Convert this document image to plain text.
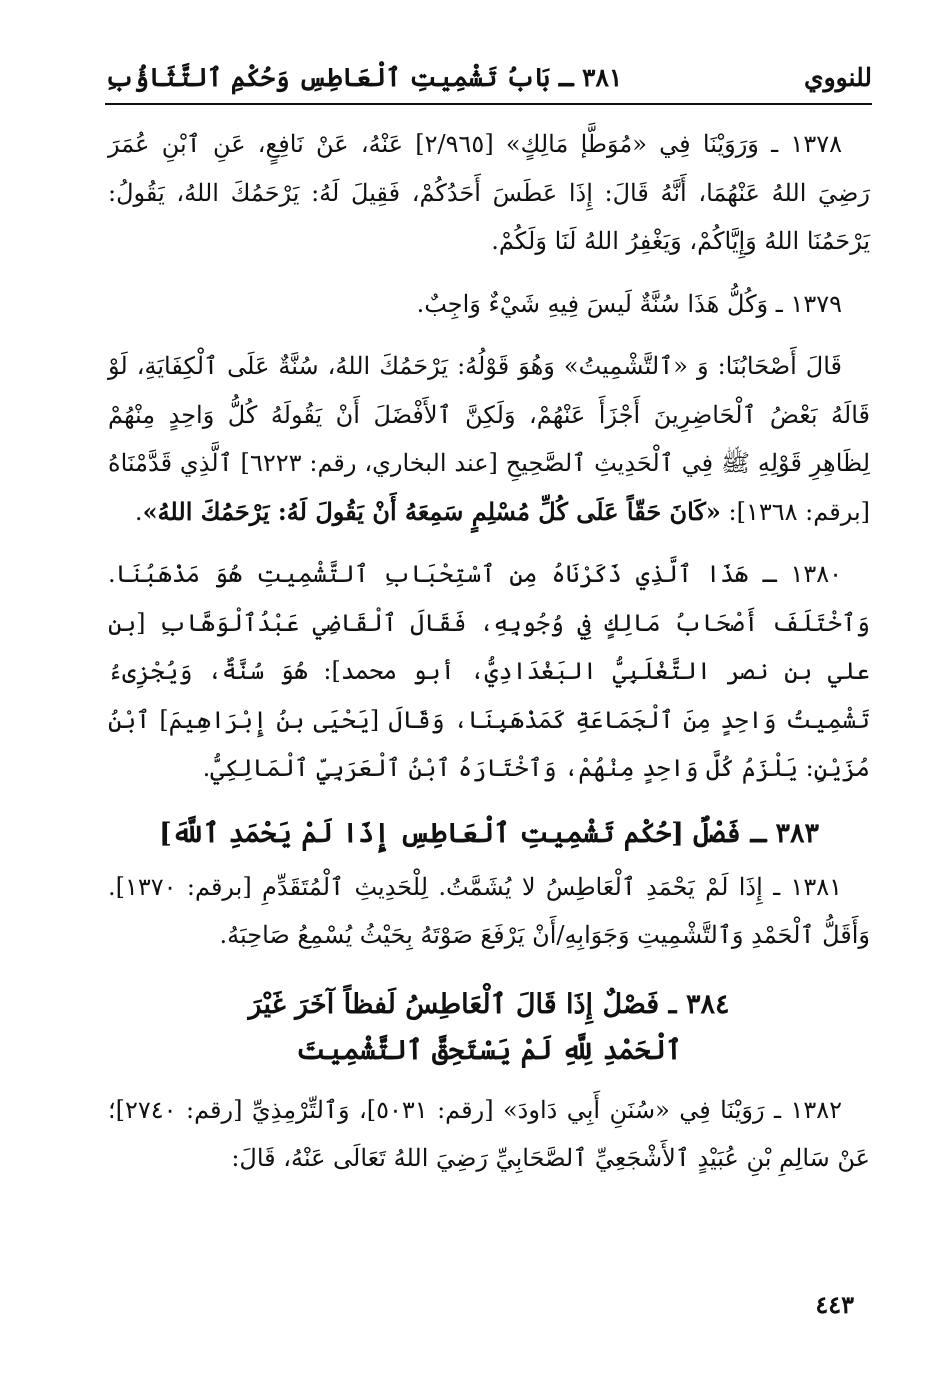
للنووي
٣٨١ ـ بَابُ تَشْمِيتِ ٱلْعَاطِسِ وَحُكْمِ ٱلتَّثَاؤُبِ

١٣٧٨ ـ وَرَوَيْنَا فِي «مُوَطَّإ مَالِكٍ» [٢/٩٦٥] عَنْهُ، عَنْ نَافِعٍ، عَنِ ٱبْنِ عُمَرَ رَضِيَ اللهُ عَنْهُمَا، أَنَّهُ قَالَ: إِذَا عَطَسَ أَحَدُكُمْ، فَقِيلَ لَهُ: يَرْحَمُكَ اللهُ، يَقُولُ: يَرْحَمُنَا اللهُ وَإِيَّاكُمْ، وَيَغْفِرُ اللهُ لَنَا وَلَكُمْ.

١٣٧٩ ـ وَكُلُّ هَذَا سُنَّةٌ لَيسَ فِيهِ شَيْءٌ وَاجِبٌ.

قَالَ أَصْحَابُنَا: وَ «ٱلتَّشْمِيتُ» وَهُوَ قَوْلُهُ: يَرْحَمُكَ اللهُ، سُنَّةٌ عَلَى ٱلْكِفَايَةِ، لَوْ قَالَهُ بَعْضُ ٱلْحَاضِرِينَ أَجْزَأَ عَنْهُمْ، وَلَكِنَّ ٱلأَفْضَلَ أَنْ يَقُولَهُ كُلُّ وَاحِدٍ مِنْهُمْ لِظَاهِرِ قَوْلِهِ ﷺ فِي ٱلْحَدِيثِ ٱلصَّحِيحِ [عند البخاري، رقم: ٦٢٢٣] ٱلَّذِي قَدَّمْنَاهُ [برقم: ١٣٦٨]: «كَانَ حَقّاً عَلَى كُلِّ مُسْلِمٍ سَمِعَهُ أَنْ يَقُولَ لَهُ: يَرْحَمُكَ اللهُ».

١٣٨٠ ـ هَذَا ٱلَّذِي ذَكَرْنَاهُ مِنِ ٱسْتِحْبَابِ ٱلتَّشْمِيتِ هُوَ مَذْهَبُنَا. وَٱخْتَلَفَ أَصْحَابُ مَالِكٍ فِي وُجُوبِهِ، فَقَالَ ٱلْقَاضِي عَبْدُٱلْوَهَّابِ [بن علي بن نصر التَّغْلَبِيُّ البَغْدَادِيُّ، أبو محمد]: هُوَ سُنَّةٌ، وَيُجْزِىءُ تَشْمِيتُ وَاحِدٍ مِنَ ٱلْجَمَاعَةِ كَمَذْهَبِنَا، وَقَالَ [يَحْيَى بنُ إِبْرَاهِيمَ] ٱبْنُ مُزَيْنٍ: يَلْزَمُ كُلَّ وَاحِدٍ مِنْهُمْ، وَٱخْتَارَهُ ٱبْنُ ٱلْعَرَبِيِّ ٱلْمَالِكِيُّ.

٣٨٣ ـ فَصْلٌ [حُكْم تَشْمِيتِ ٱلْعَاطِسِ إِذَا لَمْ يَحْمَدِ ٱللَّهَ]

١٣٨١ ـ إِذَا لَمْ يَحْمَدِ ٱلْعَاطِسُ لا يُشَمَّتُ. لِلْحَدِيثِ ٱلْمُتَقَدِّمِ [برقم: ١٣٧٠]. وَأَقَلُّ ٱلْحَمْدِ وَٱلتَّشْمِيتِ وَجَوَابِهِ/أَنْ يَرْفَعَ صَوْتَهُ بِحَيْثُ يُسْمِعُ صَاحِبَهُ.

٣٨٤ ـ فَصْلٌ إِذَا قَالَ ٱلْعَاطِسُ لَفظاً آخَرَ غَيْرَ
ٱلْحَمْدِ لِلَّهِ لَمْ يَسْتَحِقَّ ٱلتَّشْمِيتَ

١٣٨٢ ـ رَوَيْنَا فِي «سُنَنِ أَبِي دَاودَ» [رقم: ٥٠٣١]، وَٱلتِّرْمِذِيِّ [رقم: ٢٧٤٠]؛ عَنْ سَالِمِ بْنِ عُبَيْدٍ ٱلأَشْجَعِيِّ ٱلصَّحَابِيِّ رَضِيَ اللهُ تَعَالَى عَنْهُ، قَالَ:

٤٤٣
